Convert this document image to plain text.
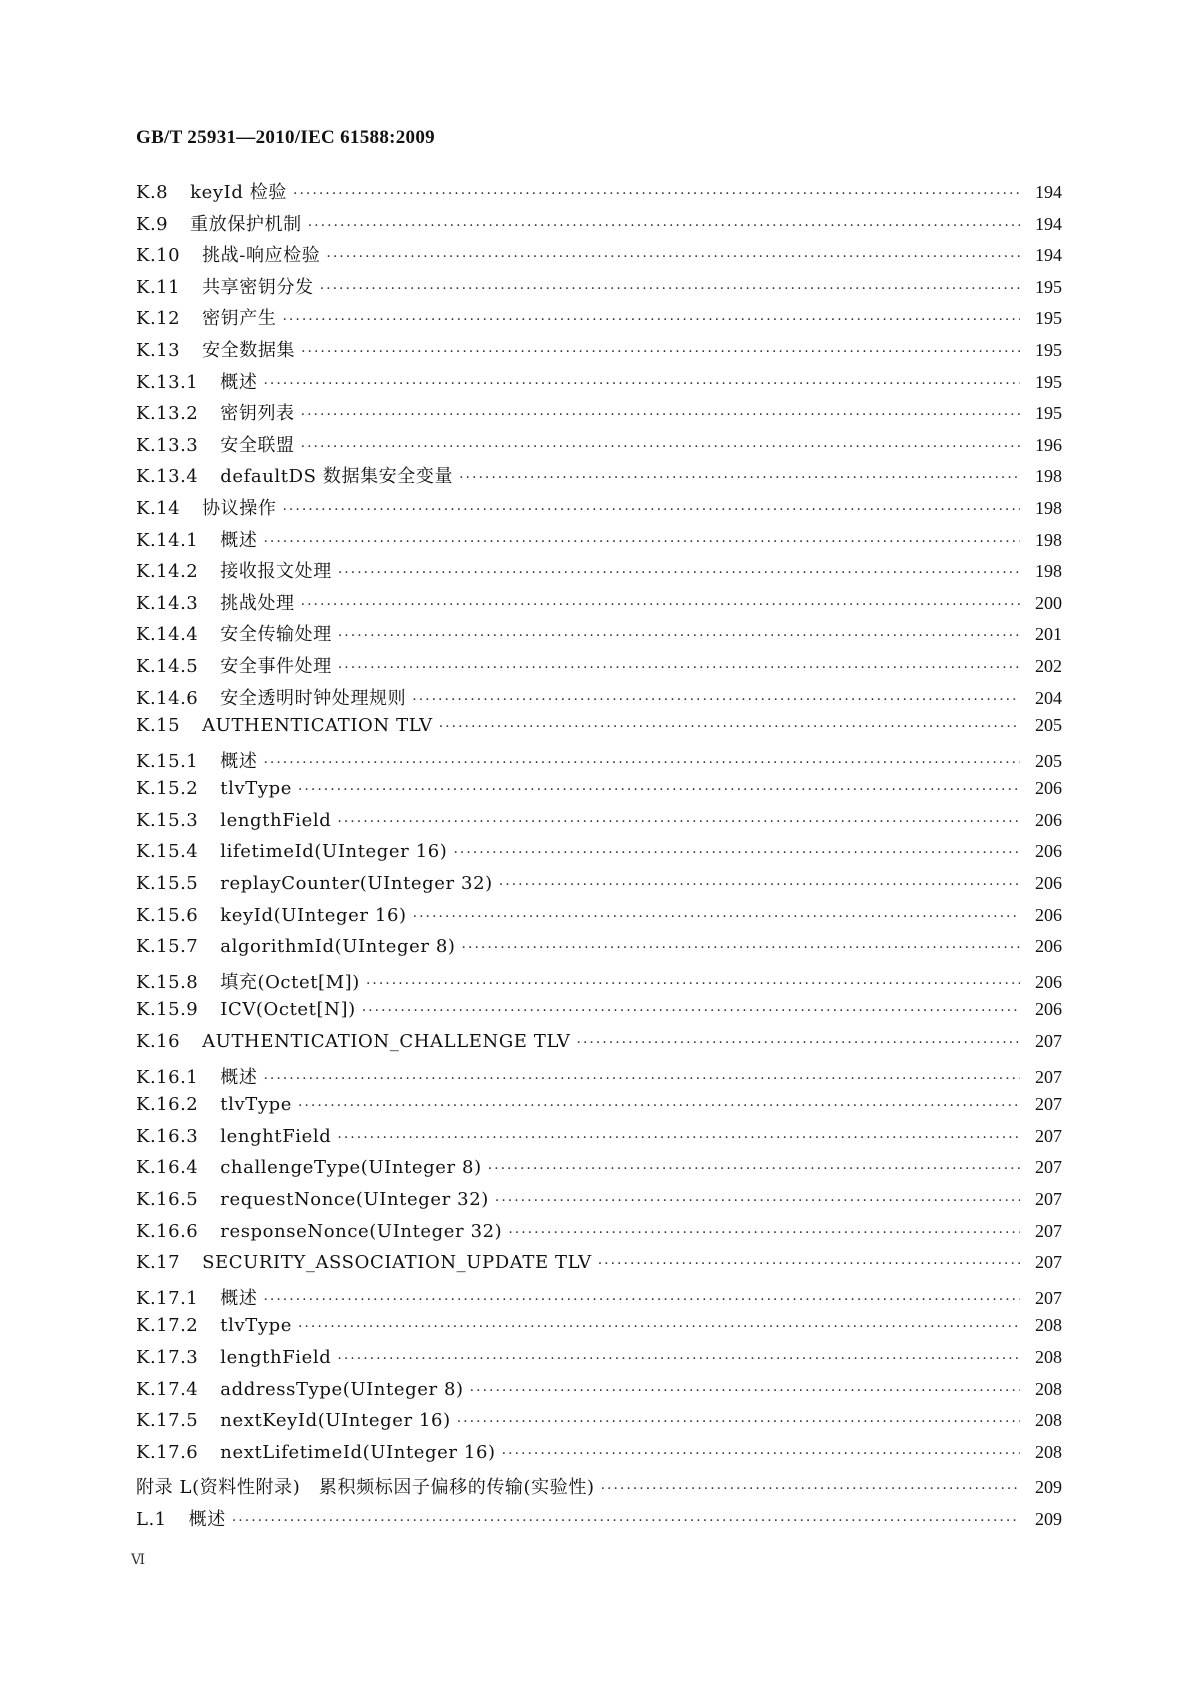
GB/T 25931—2010/IEC 61588:2009
K.8 keyId 检验 ·····	194
K.9 重放保护机制 ·····	194
K.10 挑战-响应检验 ·····	194
K.11 共享密钥分发 ·····	195
K.12 密钥产生 ·····	195
K.13 安全数据集 ·····	195
K.13.1 概述 ·····	195
K.13.2 密钥列表 ·····	195
K.13.3 安全联盟 ·····	196
K.13.4 defaultDS 数据集安全变量 ·····	198
K.14 协议操作 ·····	198
K.14.1 概述 ·····	198
K.14.2 接收报文处理 ·····	198
K.14.3 挑战处理 ·····	200
K.14.4 安全传输处理 ·····	201
K.14.5 安全事件处理 ·····	202
K.14.6 安全透明时钟处理规则 ·····	204
K.15 AUTHENTICATION TLV ·····	205
K.15.1 概述 ·····	205
K.15.2 tlvType ·····	206
K.15.3 lengthField ·····	206
K.15.4 lifetimeId(UInteger 16) ·····	206
K.15.5 replayCounter(UInteger 32) ·····	206
K.15.6 keyId(UInteger 16) ·····	206
K.15.7 algorithmId(UInteger 8) ·····	206
K.15.8 填充(Octet[M]) ·····	206
K.15.9 ICV(Octet[N]) ·····	206
K.16 AUTHENTICATION_CHALLENGE TLV ·····	207
K.16.1 概述 ·····	207
K.16.2 tlvType ·····	207
K.16.3 lenghtField ·····	207
K.16.4 challengeType(UInteger 8) ·····	207
K.16.5 requestNonce(UInteger 32) ·····	207
K.16.6 responseNonce(UInteger 32) ·····	207
K.17 SECURITY_ASSOCIATION_UPDATE TLV ·····	207
K.17.1 概述 ·····	207
K.17.2 tlvType ·····	208
K.17.3 lengthField ·····	208
K.17.4 addressType(UInteger 8) ·····	208
K.17.5 nextKeyId(UInteger 16) ·····	208
K.17.6 nextLifetimeId(UInteger 16) ·····	208
附录 L(资料性附录)　累积频标因子偏移的传输(实验性) ·····	209
L.1 概述 ·····	209
Ⅵ
